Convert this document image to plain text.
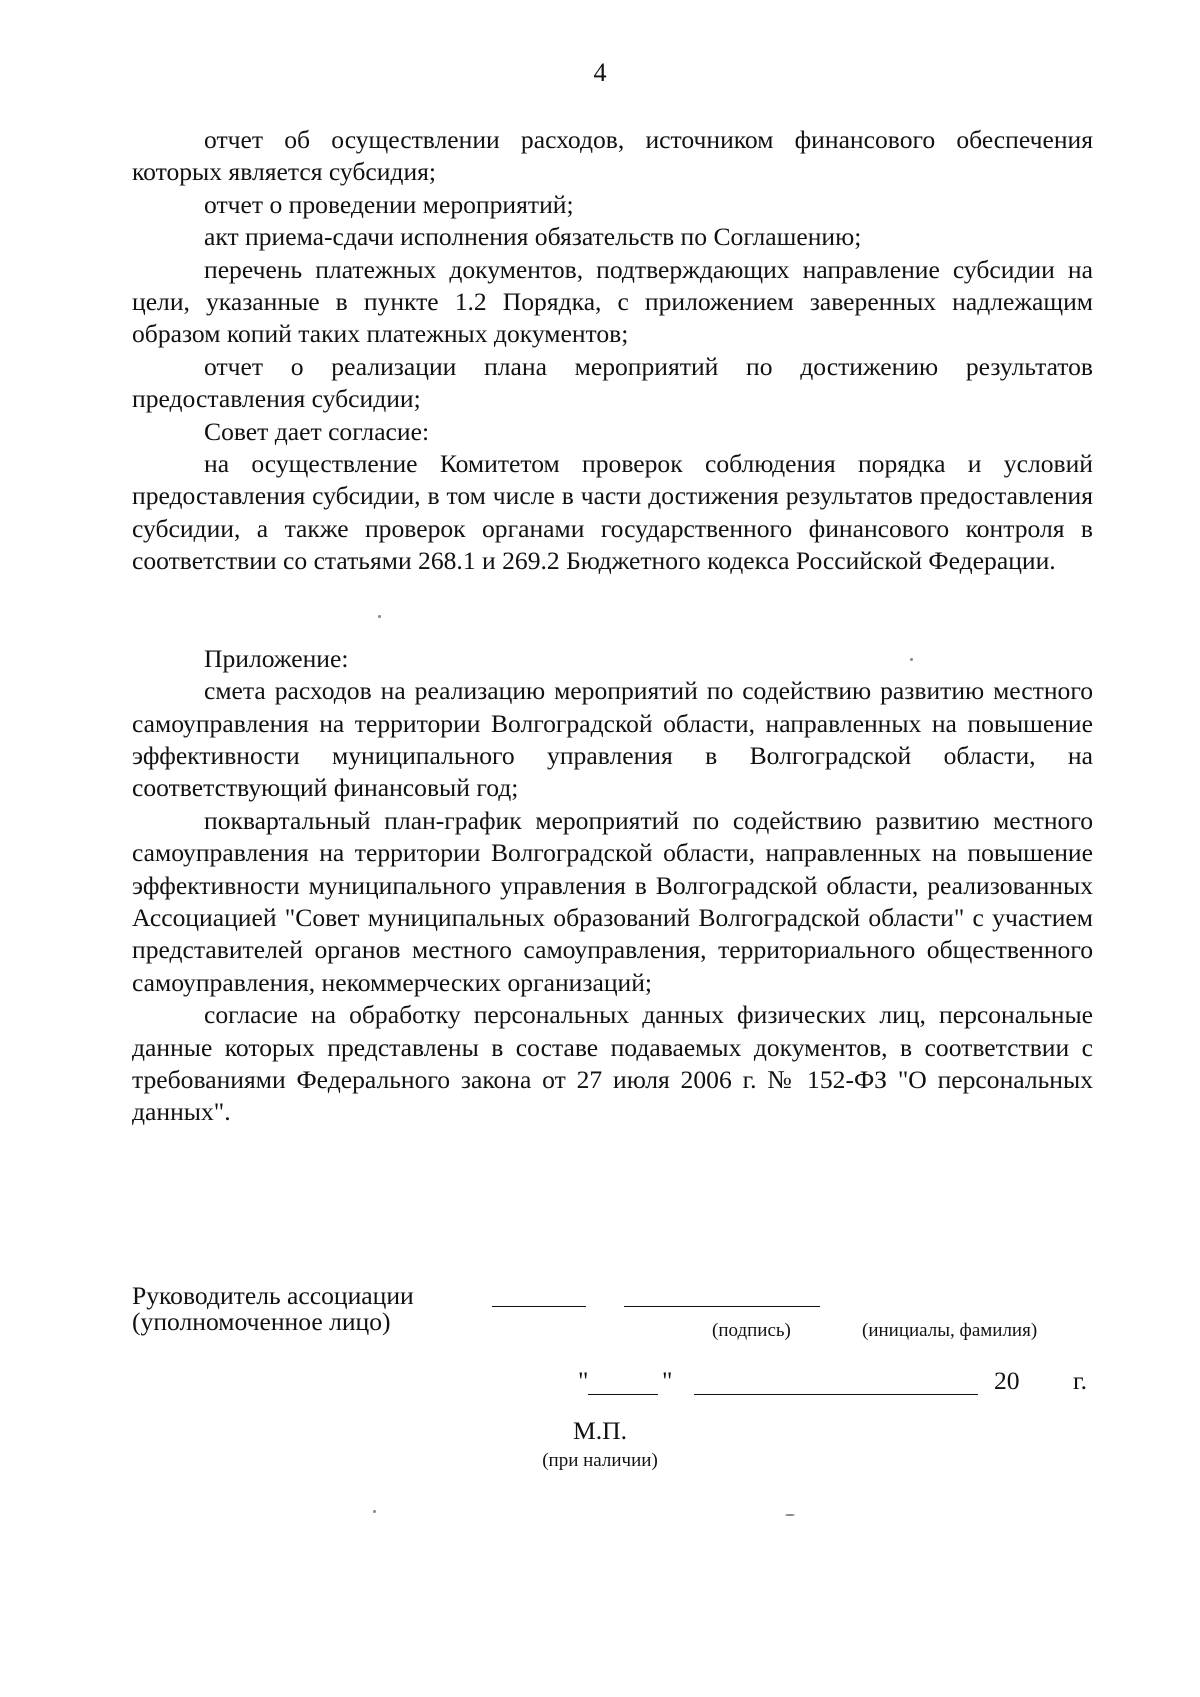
4

отчет об осуществлении расходов, источником финансового обеспечения которых является субсидия;

отчет о проведении мероприятий;

акт приема-сдачи исполнения обязательств по Соглашению;

перечень платежных документов, подтверждающих направление субсидии на цели, указанные в пункте 1.2 Порядка, с приложением заверенных надлежащим образом копий таких платежных документов;

отчет о реализации плана мероприятий по достижению результатов предоставления субсидии;

Совет дает согласие:

на осуществление Комитетом проверок соблюдения порядка и условий предоставления субсидии, в том числе в части достижения результатов предоставления субсидии, а также проверок органами государственного финансового контроля в соответствии со статьями 268.1 и 269.2 Бюджетного кодекса Российской Федерации.

Приложение:

смета расходов на реализацию мероприятий по содействию развитию местного самоуправления на территории Волгоградской области, направленных на повышение эффективности муниципального управления в Волгоградской области, на соответствующий финансовый год;

поквартальный план-график мероприятий по содействию развитию местного самоуправления на территории Волгоградской области, направленных на повышение эффективности муниципального управления в Волгоградской области, реализованных Ассоциацией "Совет муниципальных образований Волгоградской области" с участием представителей органов местного самоуправления, территориального общественного самоуправления, некоммерческих организаций;

согласие на обработку персональных данных физических лиц, персональные данные которых представлены в составе подаваемых документов, в соответствии с требованиями Федерального закона от 27 июля 2006 г. № 152-ФЗ "О персональных данных".

Руководитель ассоциации
(уполномоченное лицо)	(подпись)	(инициалы, фамилия)
"	"	20 г.
М.П.
(при наличии)
